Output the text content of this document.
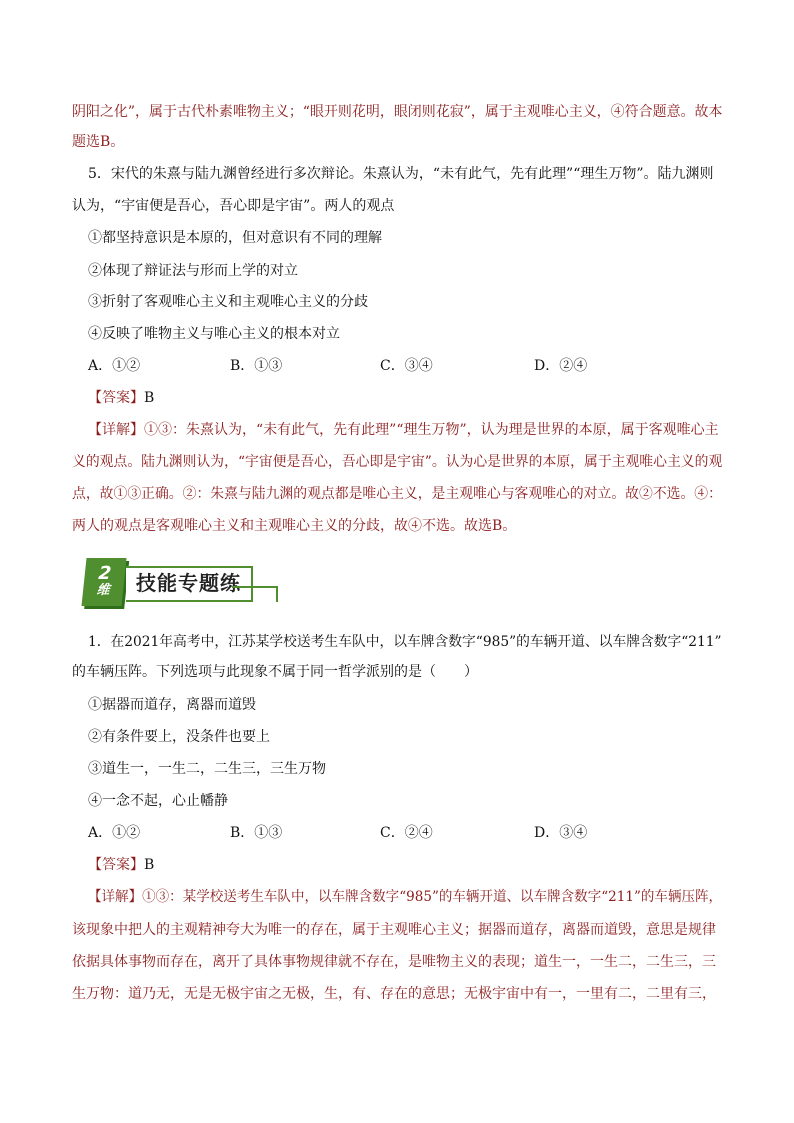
阴阳之化”，属于古代朴素唯物主义；“眼开则花明，眼闭则花寂”，属于主观唯心主义，④符合题意。故本
题选B。
5．宋代的朱熹与陆九渊曾经进行多次辩论。朱熹认为，“未有此气，先有此理”“理生万物”。陆九渊则
认为，“宇宙便是吾心，吾心即是宇宙”。两人的观点
①都坚持意识是本原的，但对意识有不同的理解
②体现了辩证法与形而上学的对立
③折射了客观唯心主义和主观唯心主义的分歧
④反映了唯物主义与唯心主义的根本对立
A．①②	B．①③	C．③④	D．②④
【答案】B
【详解】①③：朱熹认为，“未有此气，先有此理”“理生万物”，认为理是世界的本原，属于客观唯心主
义的观点。陆九渊则认为，“宇宙便是吾心，吾心即是宇宙”。认为心是世界的本原，属于主观唯心主义的观
点，故①③正确。②：朱熹与陆九渊的观点都是唯心主义，是主观唯心与客观唯心的对立。故②不选。④：
两人的观点是客观唯心主义和主观唯心主义的分歧，故④不选。故选B。
2
维	技能专题练
1．在2021年高考中，江苏某学校送考生车队中，以车牌含数字“985”的车辆开道、以车牌含数字“211”
的车辆压阵。下列选项与此现象不属于同一哲学派别的是（　　）
①据器而道存，离器而道毁
②有条件要上，没条件也要上
③道生一，一生二，二生三，三生万物
④一念不起，心止幡静
A．①②	B．①③	C．②④	D．③④
【答案】B
【详解】①③：某学校送考生车队中，以车牌含数字“985”的车辆开道、以车牌含数字“211”的车辆压阵，
该现象中把人的主观精神夸大为唯一的存在，属于主观唯心主义；据器而道存，离器而道毁，意思是规律
依据具体事物而存在，离开了具体事物规律就不存在，是唯物主义的表现；道生一，一生二，二生三，三
生万物：道乃无，无是无极宇宙之无极，生，有、存在的意思；无极宇宙中有一，一里有二，二里有三，
